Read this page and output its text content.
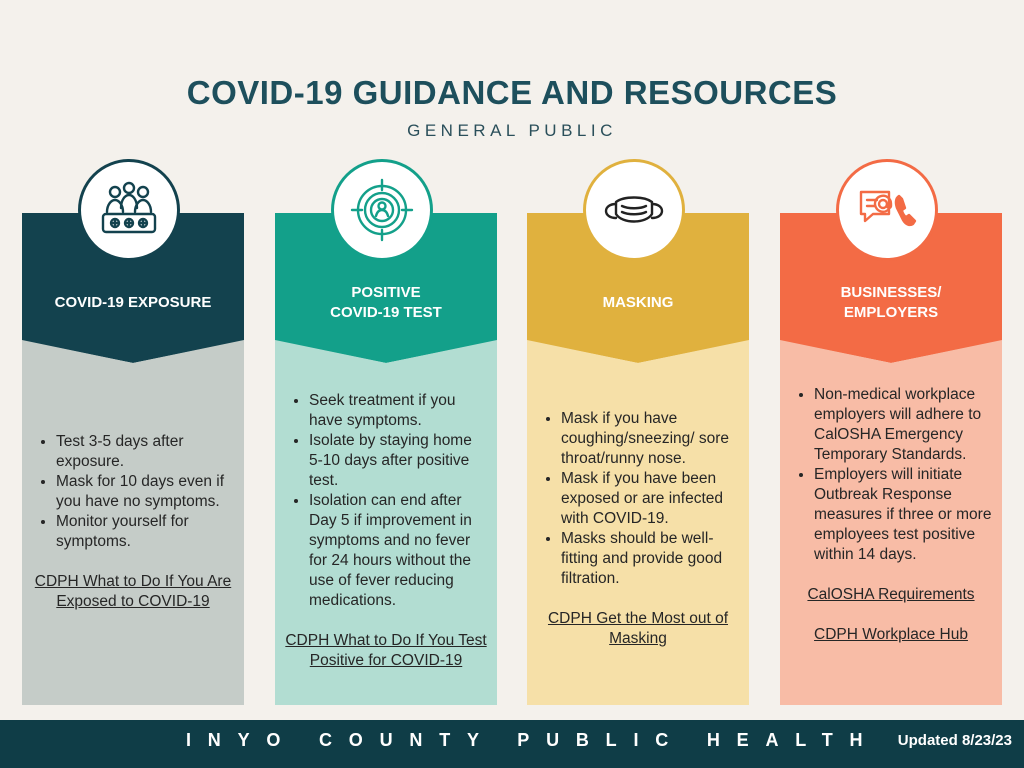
COVID-19 GUIDANCE AND RESOURCES
GENERAL PUBLIC
COVID-19 EXPOSURE
• Test 3-5 days after exposure.
• Mask for 10 days even if you have no symptoms.
• Monitor yourself for symptoms.
CDPH What to Do If You Are Exposed to COVID-19
POSITIVE
COVID-19 TEST
• Seek treatment if you have symptoms.
• Isolate by staying home 5-10 days after positive test.
• Isolation can end after Day 5 if improvement in symptoms and no fever for 24 hours without the use of fever reducing medications.
CDPH What to Do If You Test Positive for COVID-19
MASKING
• Mask if you have coughing/sneezing/ sore throat/runny nose.
• Mask if you have been exposed or are infected with COVID-19.
• Masks should be well-fitting and provide good filtration.
CDPH Get the Most out of Masking
BUSINESSES/
EMPLOYERS
• Non-medical workplace employers will adhere to CalOSHA Emergency Temporary Standards.
• Employers will initiate Outbreak Response measures if three or more employees test positive within 14 days.
CalOSHA Requirements
CDPH Workplace Hub
INYO COUNTY PUBLIC HEALTH Updated 8/23/23
